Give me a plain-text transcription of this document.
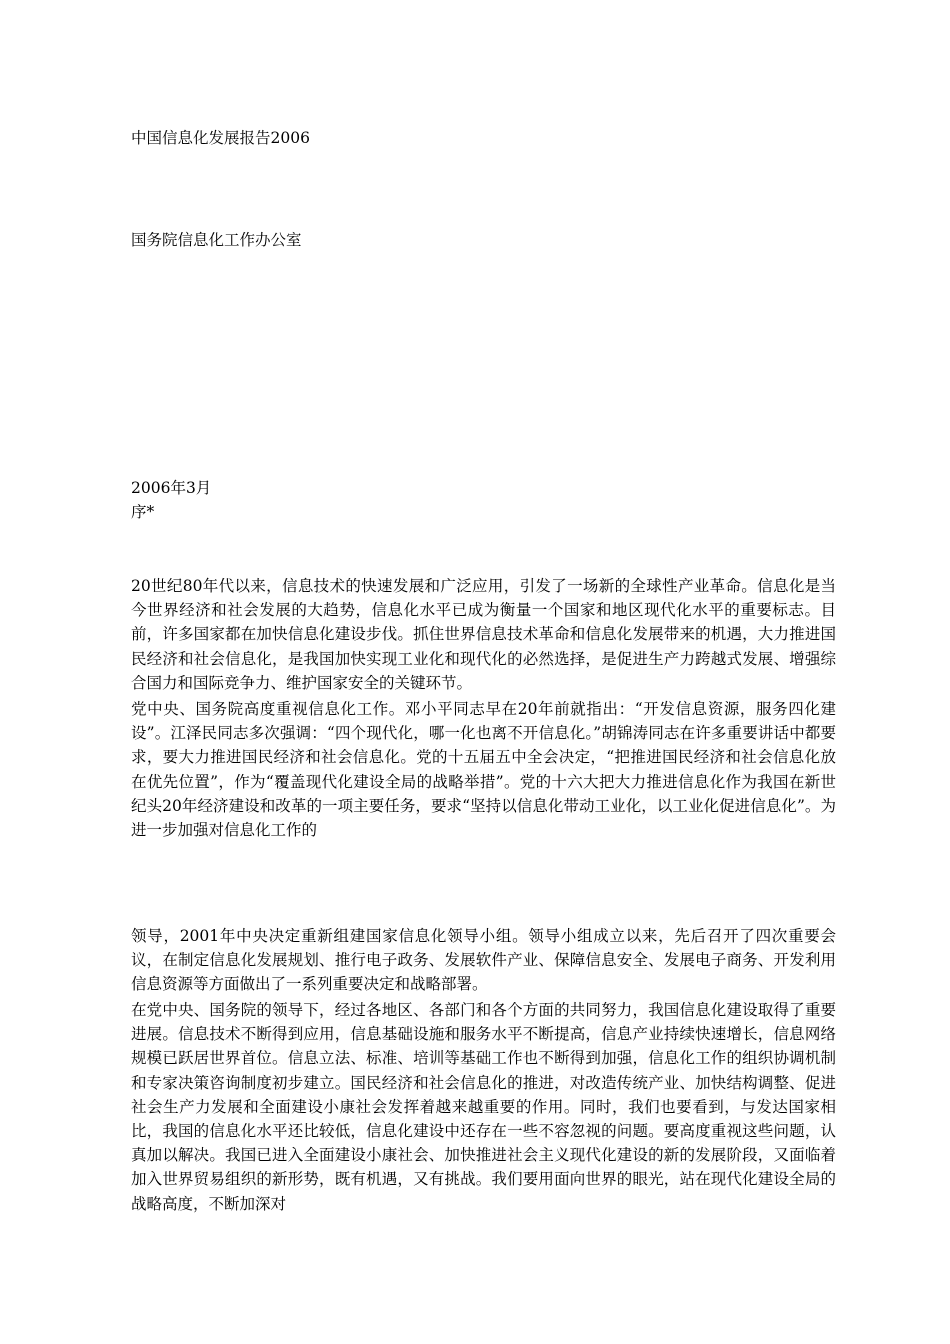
中国信息化发展报告2006
国务院信息化工作办公室
2006年3月
序*

20世纪80年代以来，信息技术的快速发展和广泛应用，引发了一场新的全球性产业革命。信息化是当今世界经济和社会发展的大趋势，信息化水平已成为衡量一个国家和地区现代化水平的重要标志。目前，许多国家都在加快信息化建设步伐。抓住世界信息技术革命和信息化发展带来的机遇，大力推进国民经济和社会信息化，是我国加快实现工业化和现代化的必然选择，是促进生产力跨越式发展、增强综合国力和国际竞争力、维护国家安全的关键环节。

党中央、国务院高度重视信息化工作。邓小平同志早在20年前就指出：“开发信息资源，服务四化建设”。江泽民同志多次强调：“四个现代化，哪一化也离不开信息化。”胡锦涛同志在许多重要讲话中都要求，要大力推进国民经济和社会信息化。党的十五届五中全会决定，“把推进国民经济和社会信息化放在优先位置”，作为“覆盖现代化建设全局的战略举措”。党的十六大把大力推进信息化作为我国在新世纪头20年经济建设和改革的一项主要任务，要求“坚持以信息化带动工业化，以工业化促进信息化”。为进一步加强对信息化工作的

领导，2001年中央决定重新组建国家信息化领导小组。领导小组成立以来，先后召开了四次重要会议，在制定信息化发展规划、推行电子政务、发展软件产业、保障信息安全、发展电子商务、开发利用信息资源等方面做出了一系列重要决定和战略部署。

在党中央、国务院的领导下，经过各地区、各部门和各个方面的共同努力，我国信息化建设取得了重要进展。信息技术不断得到应用，信息基础设施和服务水平不断提高，信息产业持续快速增长，信息网络规模已跃居世界首位。信息立法、标准、培训等基础工作也不断得到加强，信息化工作的组织协调机制和专家决策咨询制度初步建立。国民经济和社会信息化的推进，对改造传统产业、加快结构调整、促进社会生产力发展和全面建设小康社会发挥着越来越重要的作用。同时，我们也要看到，与发达国家相比，我国的信息化水平还比较低，信息化建设中还存在一些不容忽视的问题。要高度重视这些问题，认真加以解决。我国已进入全面建设小康社会、加快推进社会主义现代化建设的新的发展阶段，又面临着加入世界贸易组织的新形势，既有机遇，又有挑战。我们要用面向世界的眼光，站在现代化建设全局的战略高度，不断加深对
